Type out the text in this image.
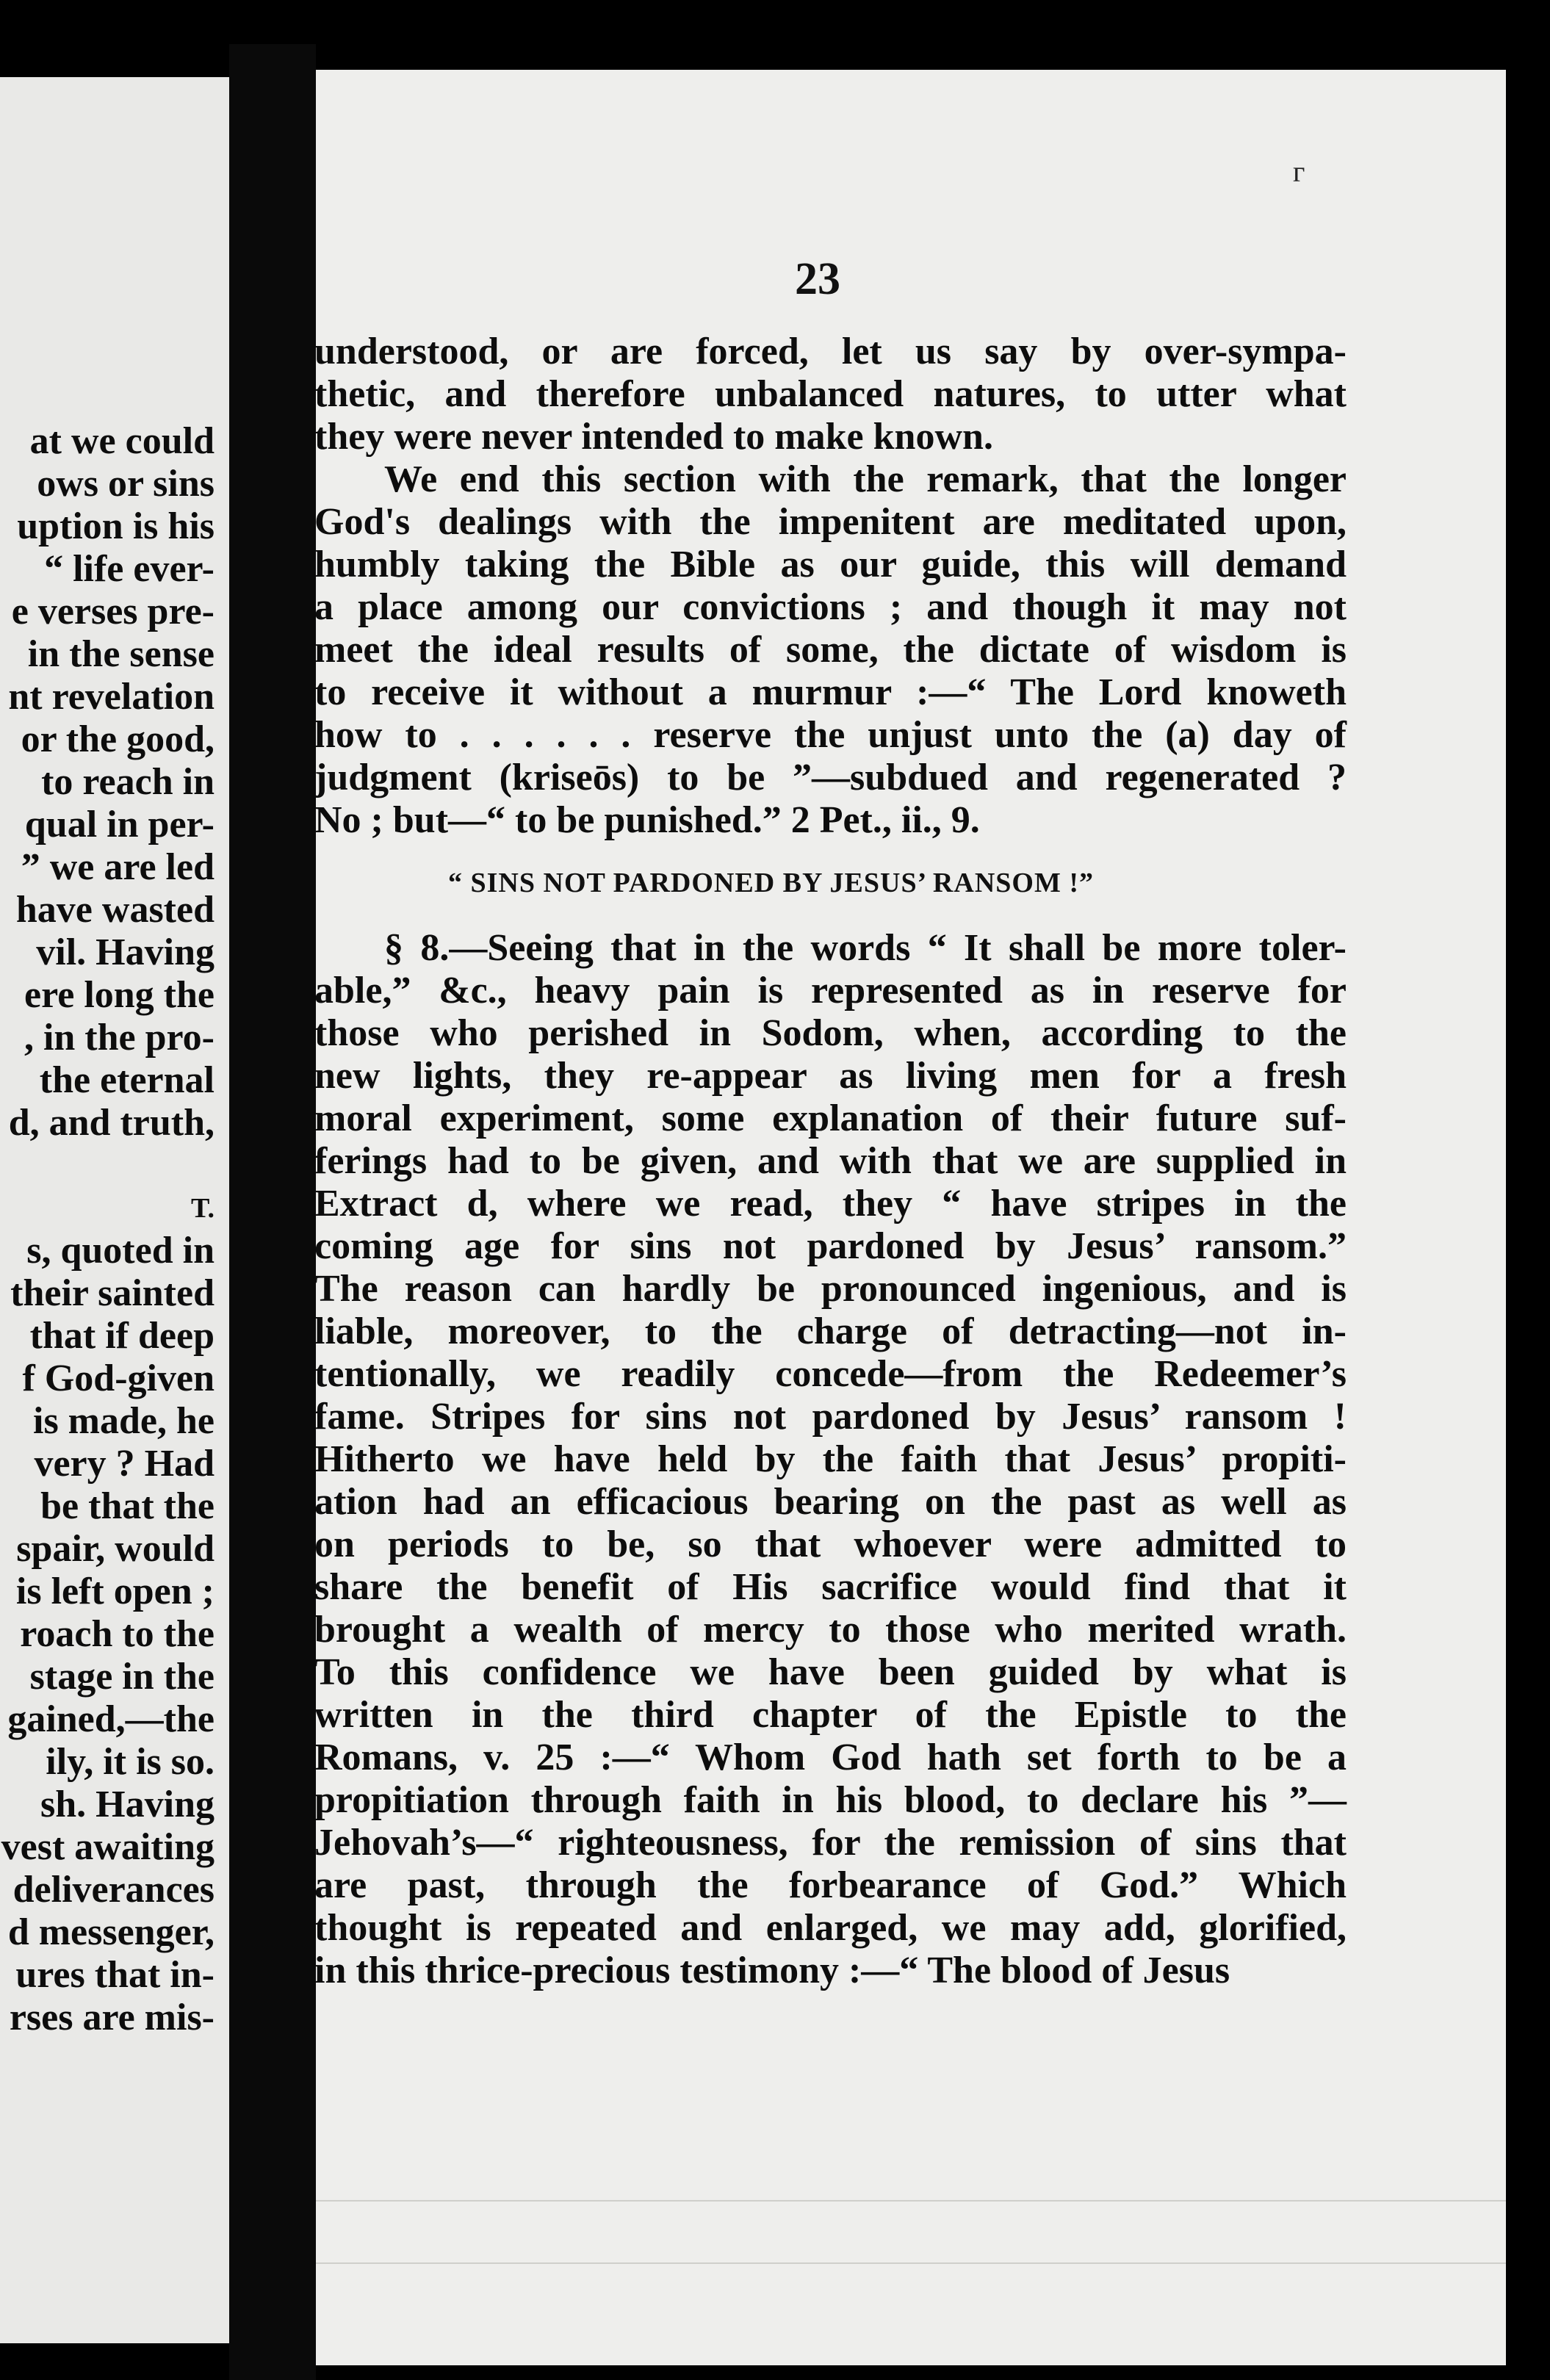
at we could
ows or sins
uption is his
“ life ever-
e verses pre-
in the sense
nt revelation
or the good,
to reach in
qual in per-
” we are led
have wasted
vil. Having
ere long the
, in the pro-
the eternal
d, and truth,
T.
s, quoted in
their sainted
that if deep
f God-given
is made, he
very ? Had
be that the
spair, would
is left open ;
roach to the
stage in the
gained,—the
ily, it is so.
sh. Having
vest awaiting
deliverances
d messenger,
ures that in-
rses are mis-
ᴦ
23
understood, or are forced, let us say by over-sympa-
thetic, and therefore unbalanced natures, to utter what
they were never intended to make known.
We end this section with the remark, that the longer
God's dealings with the impenitent are meditated upon,
humbly taking the Bible as our guide, this will demand
a place among our convictions ; and though it may not
meet the ideal results of some, the dictate of wisdom is
to receive it without a murmur :—“ The Lord knoweth
how to . . . . . . reserve the unjust unto the (a) day of
judgment (kriseōs) to be ”—subdued and regenerated ?
No ; but—“ to be punished.” 2 Pet., ii., 9.
“ SINS NOT PARDONED BY JESUS’ RANSOM !”
§ 8.—Seeing that in the words “ It shall be more toler-
able,” &c., heavy pain is represented as in reserve for
those who perished in Sodom, when, according to the
new lights, they re-appear as living men for a fresh
moral experiment, some explanation of their future suf-
ferings had to be given, and with that we are supplied in
Extract d, where we read, they “ have stripes in the
coming age for sins not pardoned by Jesus’ ransom.”
The reason can hardly be pronounced ingenious, and is
liable, moreover, to the charge of detracting—not in-
tentionally, we readily concede—from the Redeemer’s
fame. Stripes for sins not pardoned by Jesus’ ransom !
Hitherto we have held by the faith that Jesus’ propiti-
ation had an efficacious bearing on the past as well as
on periods to be, so that whoever were admitted to
share the benefit of His sacrifice would find that it
brought a wealth of mercy to those who merited wrath.
To this confidence we have been guided by what is
written in the third chapter of the Epistle to the
Romans, v. 25 :—“ Whom God hath set forth to be a
propitiation through faith in his blood, to declare his ”—
Jehovah’s—“ righteousness, for the remission of sins that
are past, through the forbearance of God.” Which
thought is repeated and enlarged, we may add, glorified,
in this thrice-precious testimony :—“ The blood of Jesus
